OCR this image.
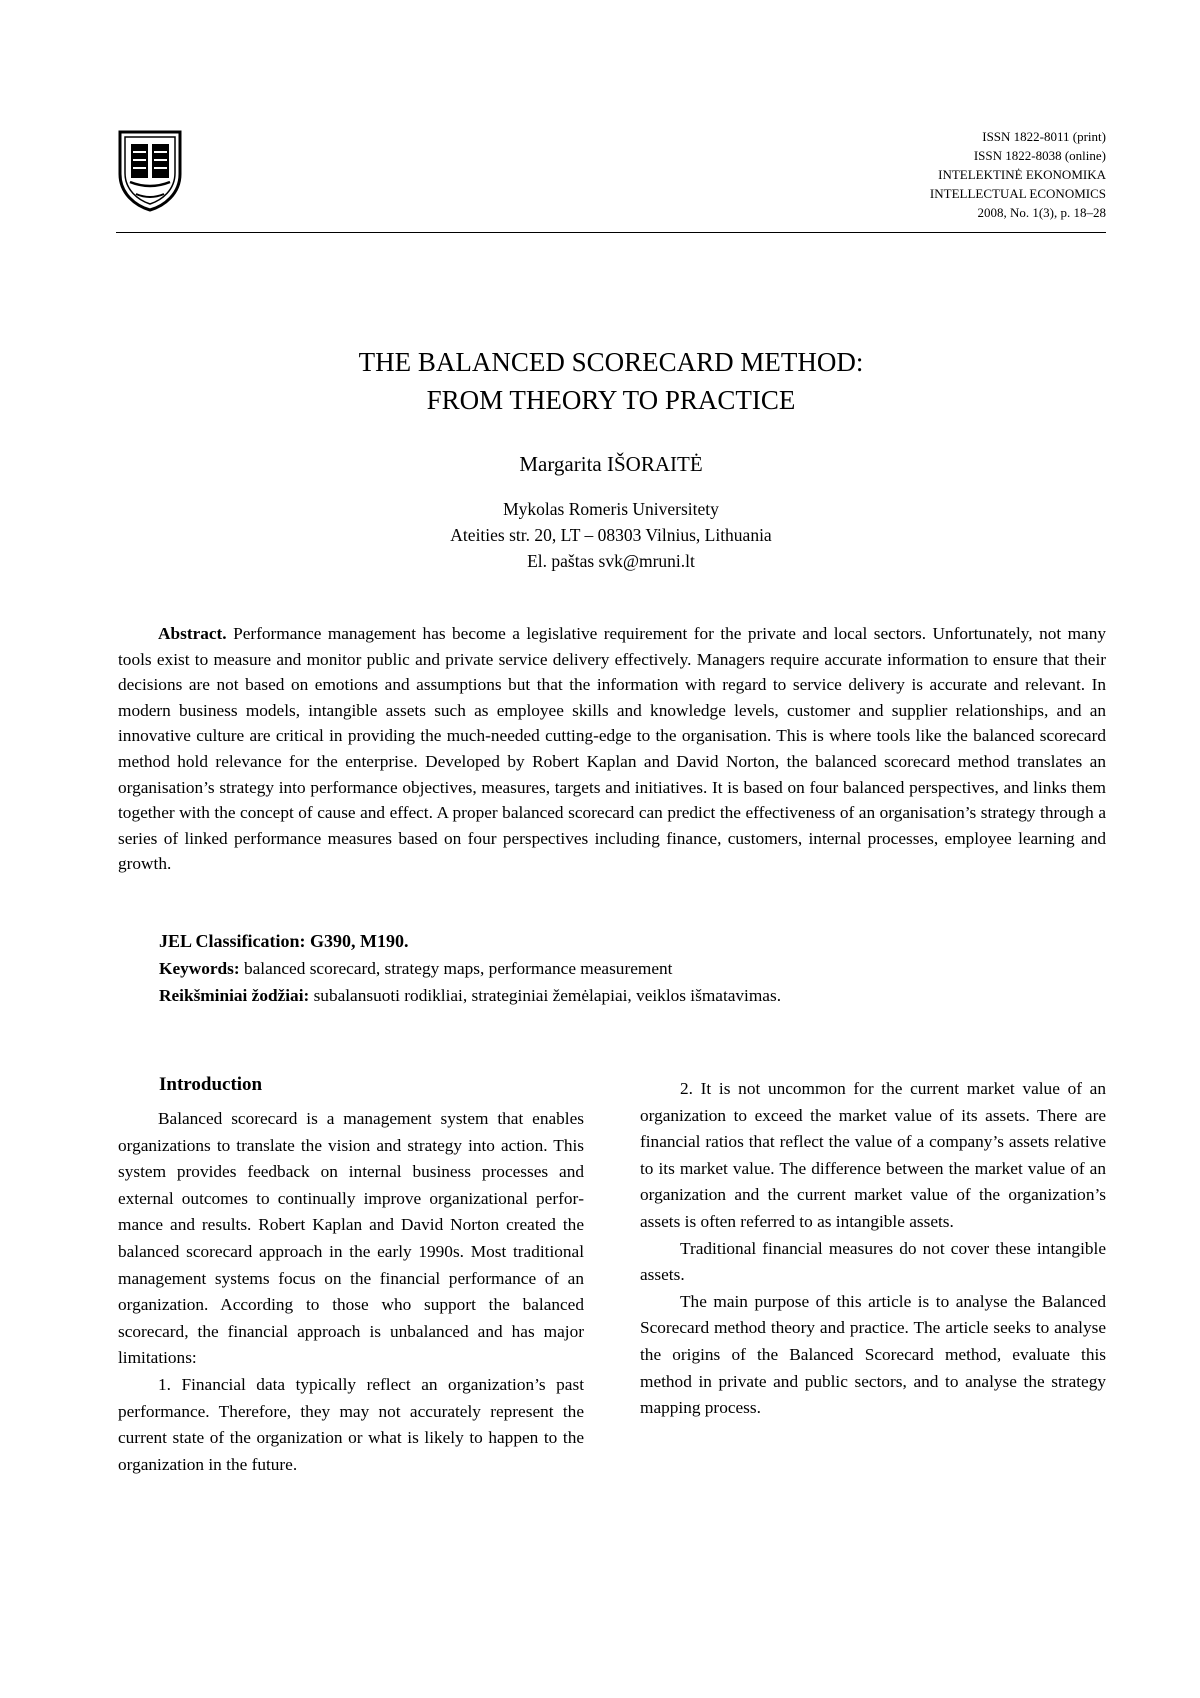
ISSN 1822-8011 (print)
ISSN 1822-8038 (online)
INTELEKTINĖ EKONOMIKA
INTELLECTUAL ECONOMICS
2008, No. 1(3), p. 18–28
THE BALANCED SCORECARD METHOD:
FROM THEORY TO PRACTICE
Margarita IŠORAITĖ
Mykolas Romeris Universitety
Ateities str. 20, LT – 08303 Vilnius, Lithuania
El. paštas svk@mruni.lt

Abstract. Performance management has become a legislative requirement for the private and local sectors. Unfortunately, not many tools exist to measure and monitor public and private service delivery effectively. Managers require accurate information to ensure that their decisions are not based on emotions and assumptions but that the information with regard to service delivery is accurate and relevant. In modern business models, intangible assets such as employee skills and knowledge levels, customer and supplier relationships, and an innovative culture are critical in providing the much-needed cutting-edge to the organisation. This is where tools like the balanced scorecard method hold relevance for the enterprise. Developed by Robert Kaplan and David Norton, the balanced scorecard method translates an organisation’s strategy into performance objectives, measures, targets and initiatives. It is based on four balanced perspectives, and links them together with the concept of cause and effect. A proper balanced scorecard can predict the effectiveness of an organisation’s strategy through a series of linked performance measures based on four perspectives including finance, customers, internal processes, employee learning and growth.

JEL Classification: G390, M190.
Keywords: balanced scorecard, strategy maps, performance measurement
Reikšminiai žodžiai: subalansuoti rodikliai, strateginiai žemėlapiai, veiklos išmatavimas.
Introduction

Balanced scorecard is a management system that enables organizations to translate the vision and strategy into action. This system provides feedback on internal business processes and external outcomes to continually improve organizational performance and results. Robert Kaplan and David Norton created the balanced scorecard approach in the early 1990s. Most traditional management systems focus on the financial performance of an organization. According to those who support the balanced scorecard, the financial approach is unbalanced and has major limitations:

1. Financial data typically reflect an organization’s past performance. Therefore, they may not accurately represent the current state of the organization or what is likely to happen to the organization in the future.

2. It is not uncommon for the current market value of an organization to exceed the market value of its assets. There are financial ratios that reflect the value of a company’s assets relative to its market value. The difference between the market value of an organization and the current market value of the organization’s assets is often referred to as intangible assets.

Traditional financial measures do not cover these intangible assets.

The main purpose of this article is to analyse the Balanced Scorecard method theory and practice. The article seeks to analyse the origins of the Balanced Scorecard method, evaluate this method in private and public sectors, and to analyse the strategy mapping process.
